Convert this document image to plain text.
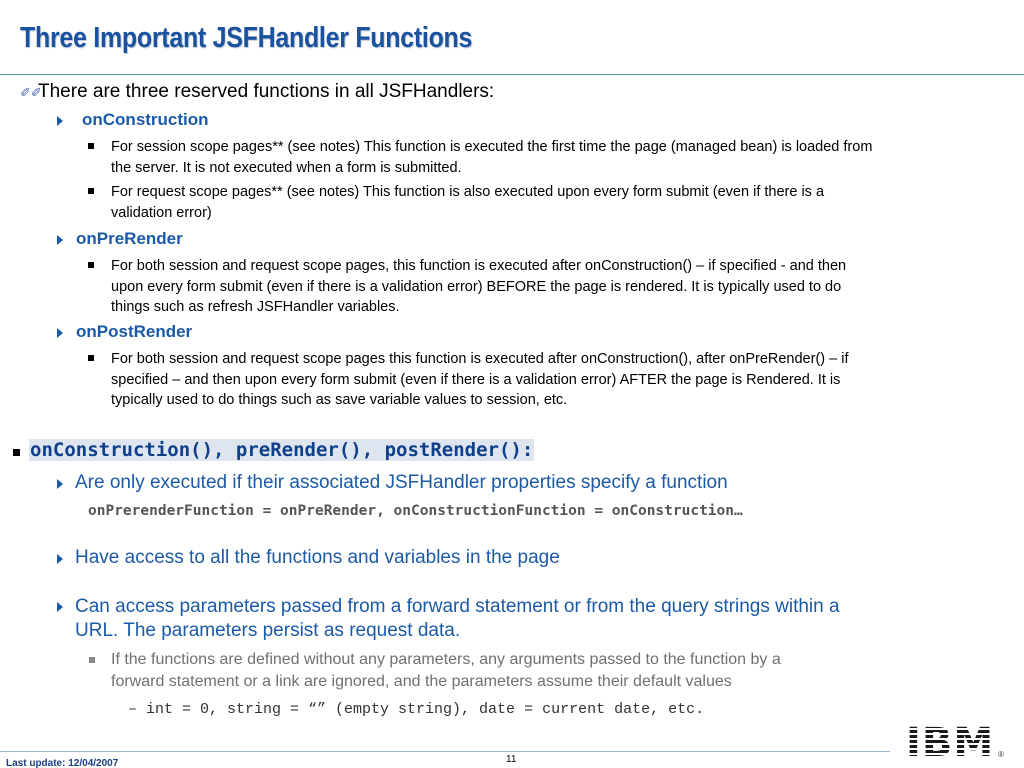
Three Important JSFHandler Functions
✐✐
There are three reserved functions in all JSFHandlers:
onConstruction
For session scope pages** (see notes) This function is executed the first time the page (managed bean) is loaded from
the server. It is not executed when a form is submitted.
For request scope pages** (see notes) This function is also executed upon every form submit (even if there is a
validation error)
onPreRender
For both session and request scope pages, this function is executed after onConstruction() – if specified - and then
upon every form submit (even if there is a validation error) BEFORE the page is rendered. It is typically used to do
things such as refresh JSFHandler variables.
onPostRender
For both session and request scope pages this function is executed after onConstruction(), after onPreRender() – if
specified – and then upon every form submit (even if there is a validation error) AFTER the page is Rendered. It is
typically used to do things such as save variable values to session, etc.
onConstruction(), preRender(), postRender():
Are only executed if their associated JSFHandler properties specify a function
onPrerenderFunction = onPreRender, onConstructionFunction = onConstruction…
Have access to all the functions and variables in the page
Can access parameters passed from a forward statement or from the query strings within a
URL. The parameters persist as request data.
If the functions are defined without any parameters, any arguments passed to the function by a
forward statement or a link are ignored, and the parameters assume their default values
– int = 0, string = “” (empty string), date = current date, etc.
Last update: 12/04/2007	11	IBM ®
